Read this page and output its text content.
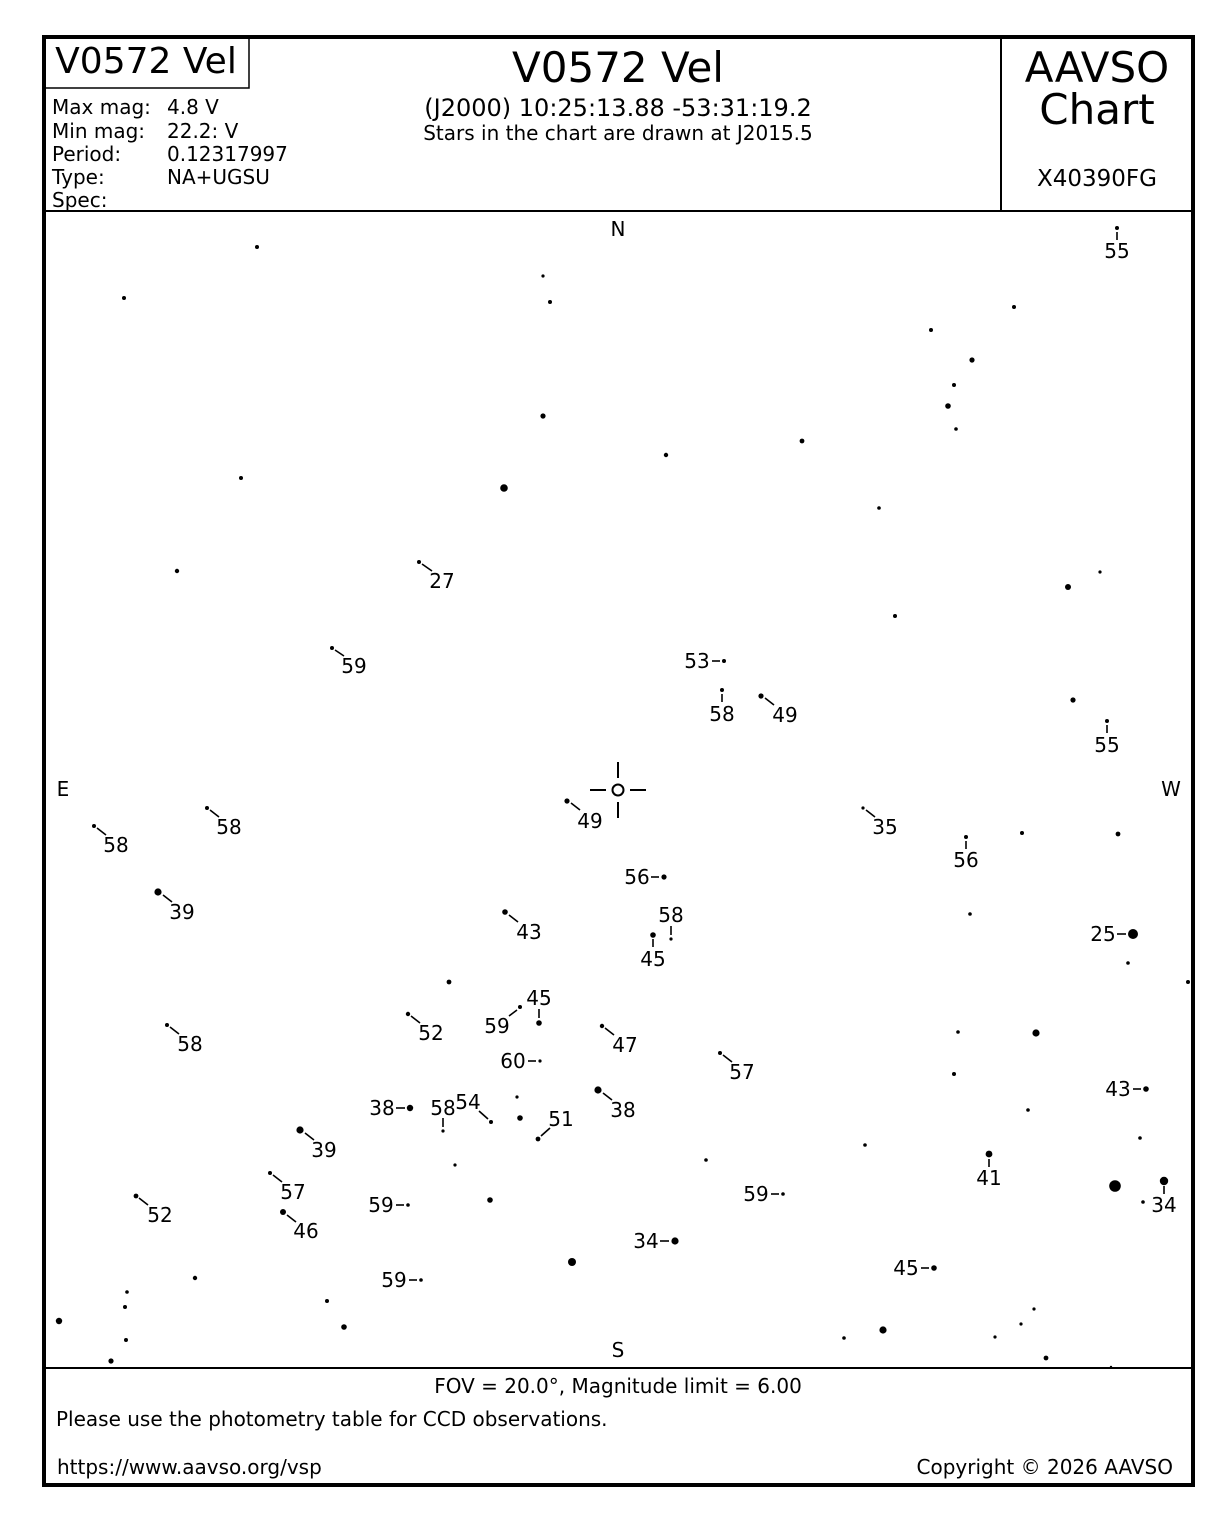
V0572 Vel	V0572 Vel
(J2000) 10:25:13.88 -53:31:19.2
Stars in the chart are drawn at J2015.5
AAVSO
Chart
X40390FG
Max mag: 4.8 V
Min mag: 22.2: V
Period: 0.12317997
Type:	NA+UGSU
Spec:
N
S
E	W
27
59	53
58 49
55
55
58
58
49	35
56
39
56
43
58
45
25
58	52 59
45
47
60	57
43
38 58 54
51 38
39
41
57
52	59
46
59	34
34
45
59
FOV = 20.0°, Magnitude limit = 6.00
Please use the photometry table for CCD observations.
https://www.aavso.org/vsp	Copyright © 2026 AAVSO
